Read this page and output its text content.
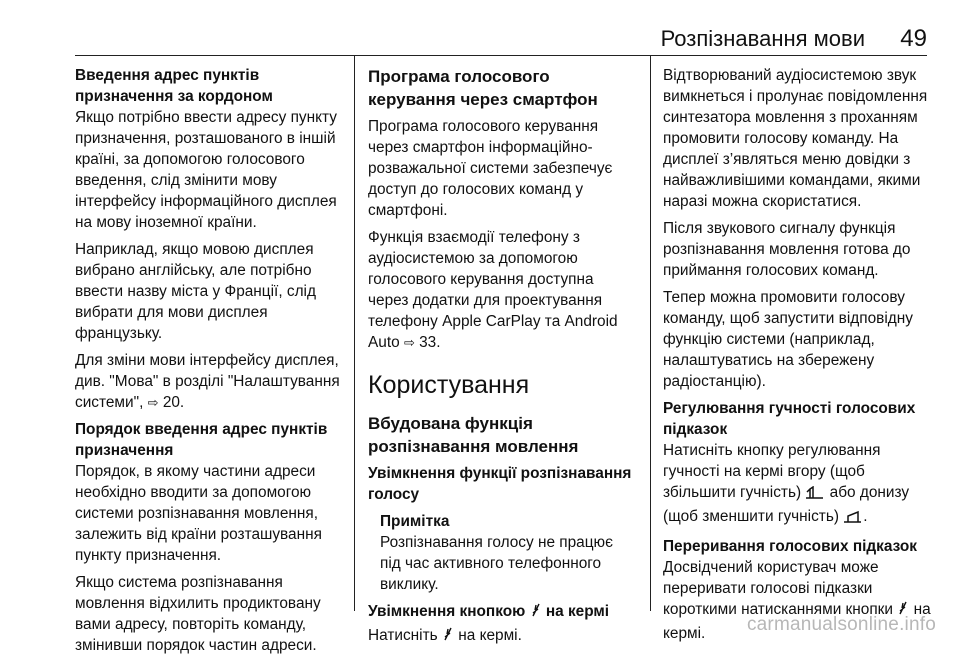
Розпізнавання мови 49

Введення адрес пунктів призначення за кордоном

Якщо потрібно ввести адресу пункту призначення, розташованого в іншій країні, за допомогою голосового введення, слід змінити мову інтерфейсу інформаційного дисплея на мову іноземної країни.

Наприклад, якщо мовою дисплея вибрано англійську, але потрібно ввести назву міста у Франції, слід вибрати для мови дисплея французьку.

Для зміни мови інтерфейсу дисплея, див. "Мова" в розділі "Налаштування системи", ⇨ 20.

Порядок введення адрес пунктів призначення

Порядок, в якому частини адреси необхідно вводити за допомогою системи розпізнавання мовлення, залежить від країни розташування пункту призначення.

Якщо система розпізнавання мовлення відхилить продиктовану вами адресу, повторіть команду, змінивши порядок частин адреси.

Програма голосового керування через смартфон

Програма голосового керування через смартфон інформаційно-розважальної системи забезпечує доступ до голосових команд у смартфоні.

Функція взаємодії телефону з аудіосистемою за допомогою голосового керування доступна через додатки для проектування телефону Apple CarPlay та Android Auto ⇨ 33.

Користування

Вбудована функція розпізнавання мовлення

Увімкнення функції розпізнавання голосу

Примітка

Розпізнавання голосу не працює під час активного телефонного виклику.

Увімкнення кнопкою  на кермі

Натисніть  на кермі.

Відтворюваний аудіосистемою звук вимкнеться і пролунає повідомлення синтезатора мовлення з проханням промовити голосову команду. На дисплеї з’являться меню довідки з найважливішими командами, якими наразі можна скористатися.

Після звукового сигналу функція розпізнавання мовлення готова до приймання голосових команд.

Тепер можна промовити голосову команду, щоб запустити відповідну функцію системи (наприклад, налаштуватись на збережену радіостанцію).

Регулювання гучності голосових підказок

Натисніть кнопку регулювання гучності на кермі вгору (щоб збільшити гучність)  або донизу (щоб зменшити гучність) .

Переривання голосових підказок

Досвідчений користувач може переривати голосові підказки короткими натисканнями кнопки  на кермі.	carmanualsonline.info
